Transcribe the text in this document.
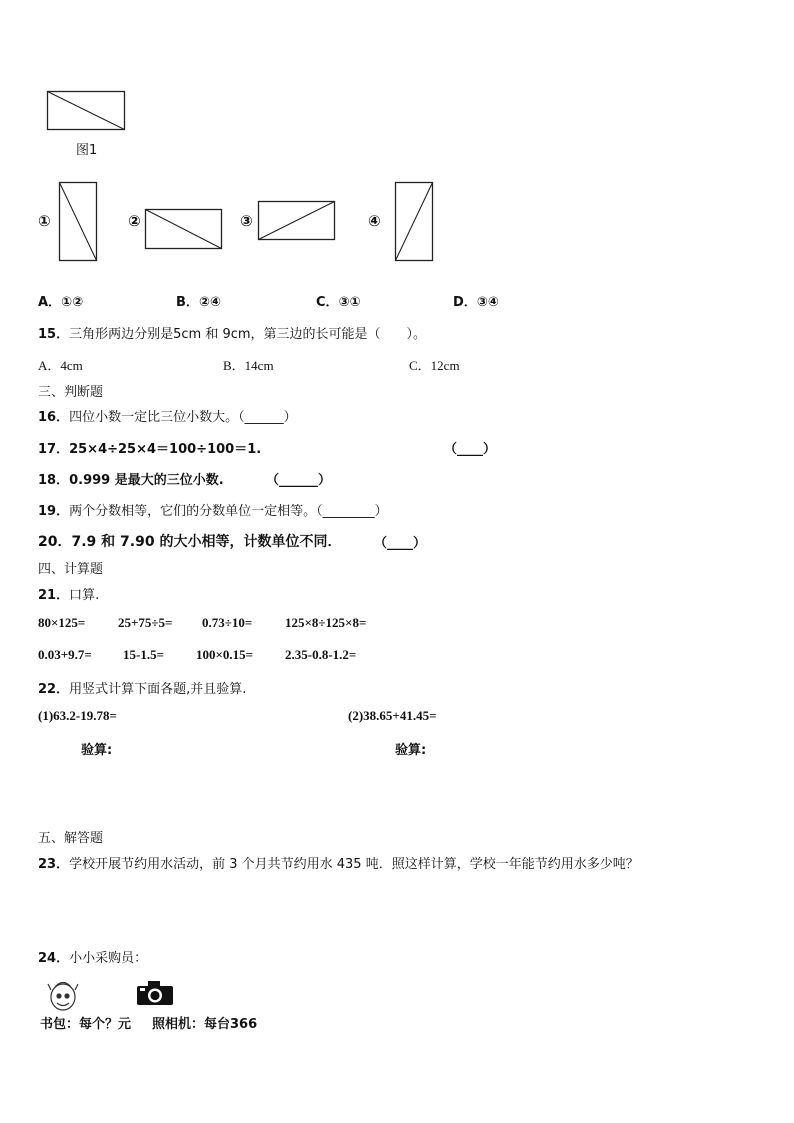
图1
①	②	③	④
A．①②	B．②④	C．③①	D．③④
15．三角形两边分别是5cm 和 9cm，第三边的长可能是（　　）。
A．4cm	B．14cm	C．12cm
三、判断题
16．四位小数一定比三位小数大。（______）
17．25×4÷25×4＝100÷100＝1.	（____）
18．0.999 是最大的三位小数.	（______）
19．两个分数相等，它们的分数单位一定相等。（________）
20．7.9 和 7.90 的大小相等，计数单位不同．	（____）
四、计算题
21．口算.
80×125=	25+75÷5= 0.73÷10=	125×8÷125×8=
0.03+9.7= 15-1.5= 100×0.15= 2.35-0.8-1.2=
22．用竖式计算下面各题,并且验算.
(1)63.2-19.78=	(2)38.65+41.45=
验算:	验算:
五、解答题
23．学校开展节约用水活动，前 3 个月共节约用水 435 吨．照这样计算，学校一年能节约用水多少吨？
24．小小采购员：
书包：每个？元 照相机：每台366
